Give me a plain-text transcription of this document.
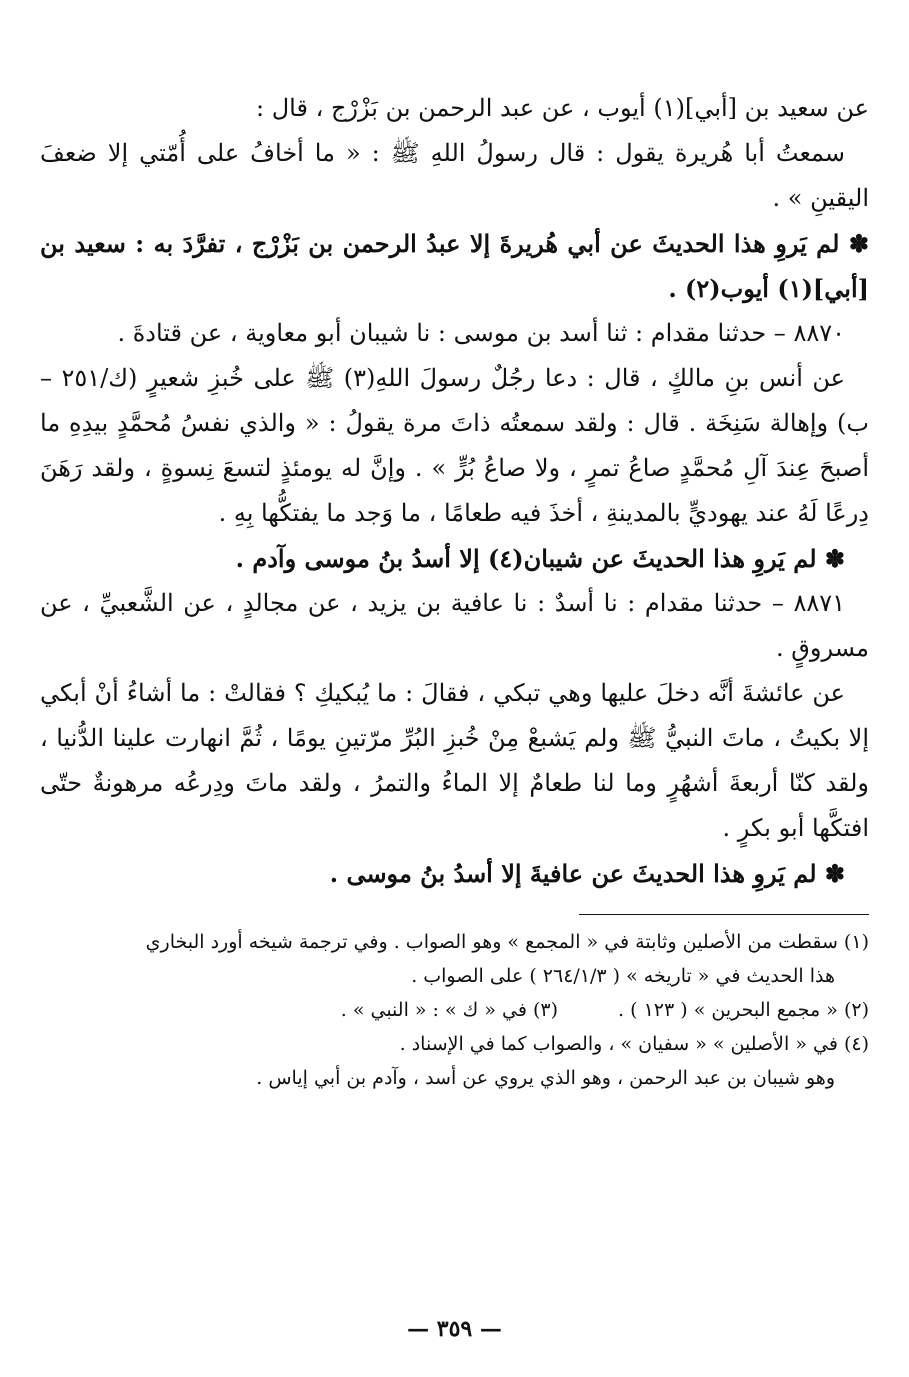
عن سعيد بن [أبي](١) أيوب ، عن عبد الرحمن بن بَزْرْج ، قال :

سمعتُ أبا هُريرة يقول : قال رسولُ اللهِ ﷺ : « ما أخافُ على أُمّتي إلا ضعفَ اليقينِ » .

✽ لم يَروِ هذا الحديثَ عن أبي هُريرةَ إلا عبدُ الرحمن بن بَزْرْج ، تفرَّدَ به : سعيد بن [أبي](١) أيوب(٢) .

٨٨٧٠ – حدثنا مقدام : ثنا أسد بن موسى : نا شيبان أبو معاوية ، عن قتادةَ .

عن أنس بنِ مالكٍ ، قال : دعا رجُلٌ رسولَ اللهِ(٣) ﷺ على خُبزِ شعيرٍ (ك/٢٥١ – ب) وإهالة سَنِخَة . قال : ولقد سمعتُه ذاتَ مرة يقولُ : « والذي نفسُ مُحمَّدٍ بيدِهِ ما أصبحَ عِندَ آلِ مُحمَّدٍ صاعُ تمرٍ ، ولا صاعُ بُرٍّ » . وإنَّ له يومئذٍ لتسعَ نِسوةٍ ، ولقد رَهَنَ دِرعًا لَهُ عند يهوديٍّ بالمدينةِ ، أخذَ فيه طعامًا ، ما وَجد ما يفتكُّها بِهِ .

✽ لم يَروِ هذا الحديثَ عن شيبان(٤) إلا أسدُ بنُ موسى وآدم .

٨٨٧١ – حدثنا مقدام : نا أسدٌ : نا عافية بن يزيد ، عن مجالدٍ ، عن الشَّعبيِّ ، عن مسروقٍ .

عن عائشةَ أنَّه دخلَ عليها وهي تبكي ، فقالَ : ما يُبكيكِ ؟ فقالتْ : ما أشاءُ أنْ أبكي إلا بكيتُ ، ماتَ النبيُّ ﷺ ولم يَشبعْ مِنْ خُبزِ البُرِّ مرّتينِ يومًا ، ثُمَّ انهارت علينا الدُّنيا ، ولقد كنّا أربعةَ أشهُرٍ وما لنا طعامٌ إلا الماءُ والتمرُ ، ولقد ماتَ ودِرعُه مرهونةٌ حتّى افتكَّها أبو بكرٍ .

✽ لم يَروِ هذا الحديثَ عن عافيةَ إلا أسدُ بنُ موسى .

(١) سقطت من الأصلين وثابتة في « المجمع » وهو الصواب . وفي ترجمة شيخه أورد البخاري

هذا الحديث في « تاريخه » ( ٢٦٤/١/٣ ) على الصواب .

(٢) « مجمع البحرين » ( ١٢٣ ) .
(٣) في « ك » : « النبي » .

(٤) في « الأصلين » « سفيان » ، والصواب كما في الإسناد .

وهو شيبان بن عبد الرحمن ، وهو الذي يروي عن أسد ، وآدم بن أبي إياس .

— ٣٥٩ —
